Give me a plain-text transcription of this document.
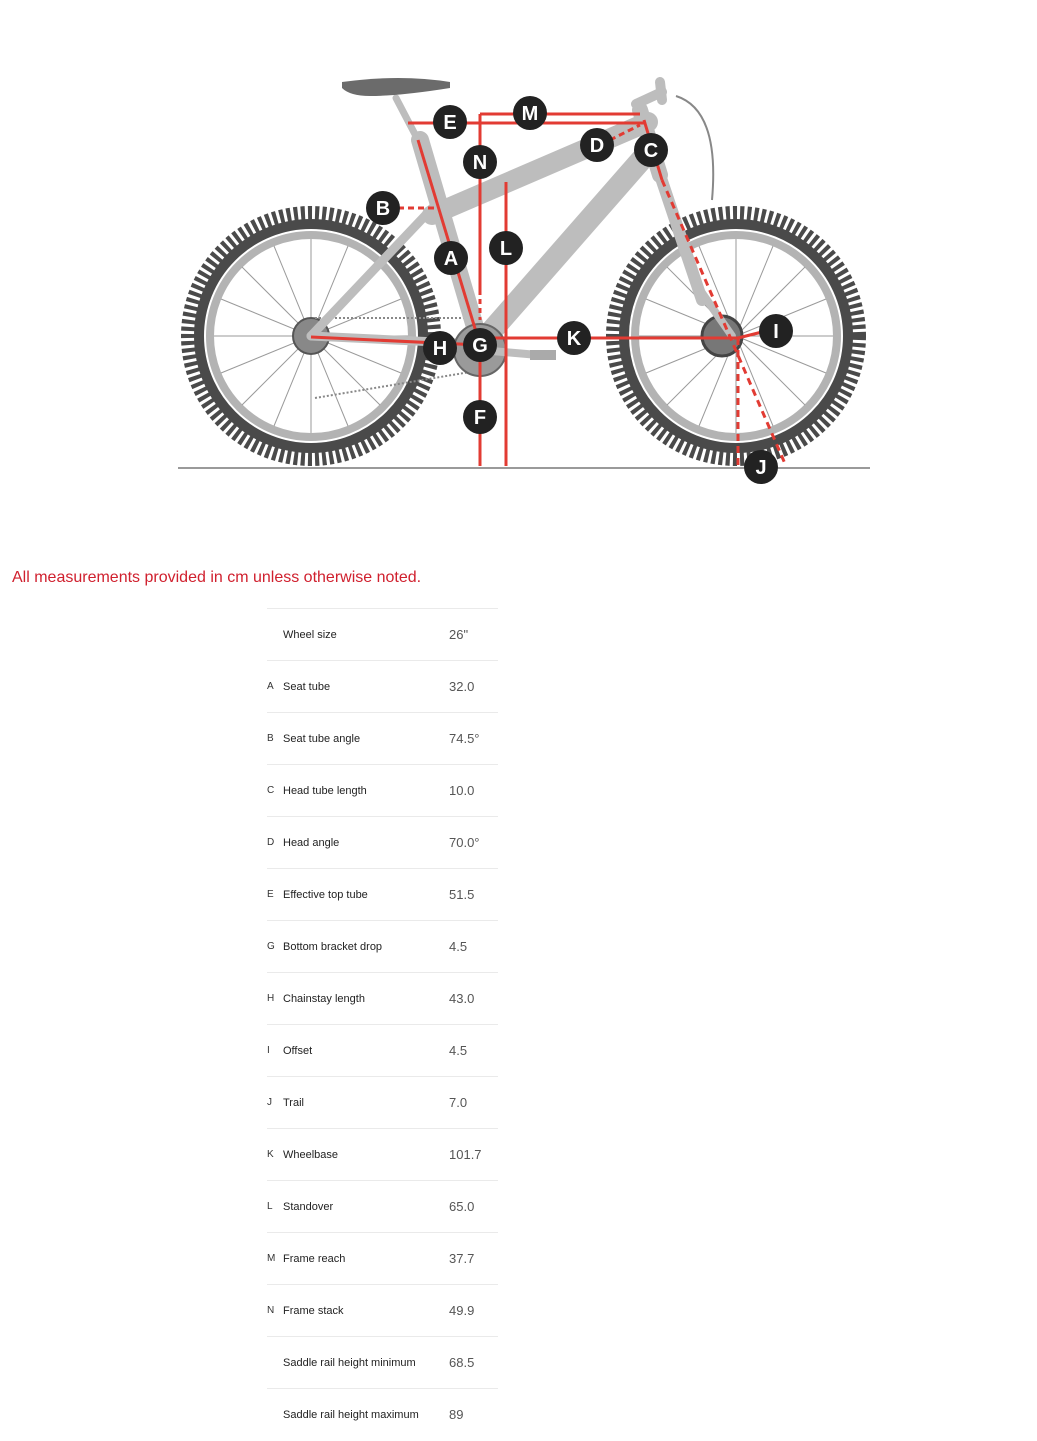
E	M
D
N
C
B
L
A
K	I
H G
F
J

All measurements provided in cm unless otherwise noted.

	Wheel size	26"
A	Seat tube	32.0
B	Seat tube angle	74.5°
C	Head tube length	10.0
D	Head angle	70.0°
E	Effective top tube	51.5
G	Bottom bracket drop	4.5
H	Chainstay length	43.0
I	Offset	4.5
J	Trail	7.0
K	Wheelbase	101.7
L	Standover	65.0
M	Frame reach	37.7
N	Frame stack	49.9
	Saddle rail height minimum	68.5
	Saddle rail height maximum	89
